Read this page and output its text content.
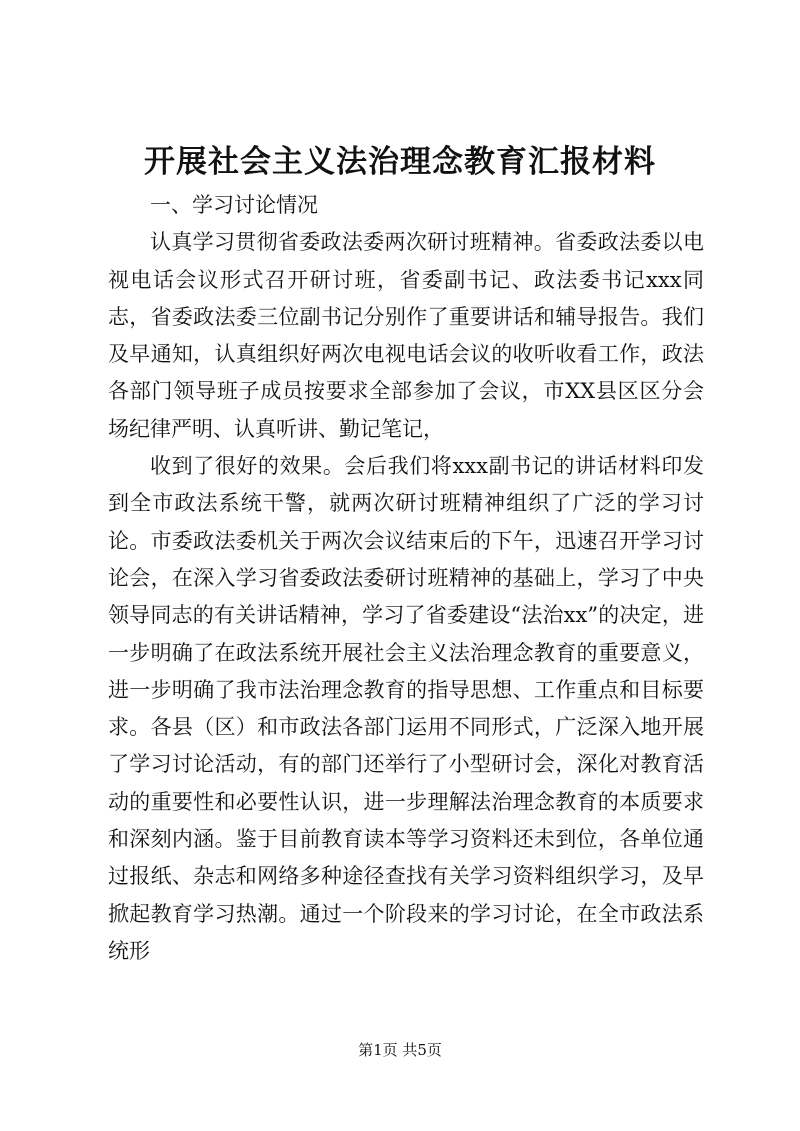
开展社会主义法治理念教育汇报材料

一、学习讨论情况

认真学习贯彻省委政法委两次研讨班精神。省委政法委以电视电话会议形式召开研讨班，省委副书记、政法委书记xxx同志，省委政法委三位副书记分别作了重要讲话和辅导报告。我们及早通知，认真组织好两次电视电话会议的收听收看工作，政法各部门领导班子成员按要求全部参加了会议，市XX县区区分会场纪律严明、认真听讲、勤记笔记，

收到了很好的效果。会后我们将xxx副书记的讲话材料印发到全市政法系统干警，就两次研讨班精神组织了广泛的学习讨论。市委政法委机关于两次会议结束后的下午，迅速召开学习讨论会，在深入学习省委政法委研讨班精神的基础上，学习了中央领导同志的有关讲话精神，学习了省委建设“法治xx”的决定，进一步明确了在政法系统开展社会主义法治理念教育的重要意义，进一步明确了我市法治理念教育的指导思想、工作重点和目标要求。各县（区）和市政法各部门运用不同形式，广泛深入地开展了学习讨论活动，有的部门还举行了小型研讨会，深化对教育活动的重要性和必要性认识，进一步理解法治理念教育的本质要求和深刻内涵。鉴于目前教育读本等学习资料还未到位，各单位通过报纸、杂志和网络多种途径查找有关学习资料组织学习，及早掀起教育学习热潮。通过一个阶段来的学习讨论，在全市政法系统形

第1页 共5页
